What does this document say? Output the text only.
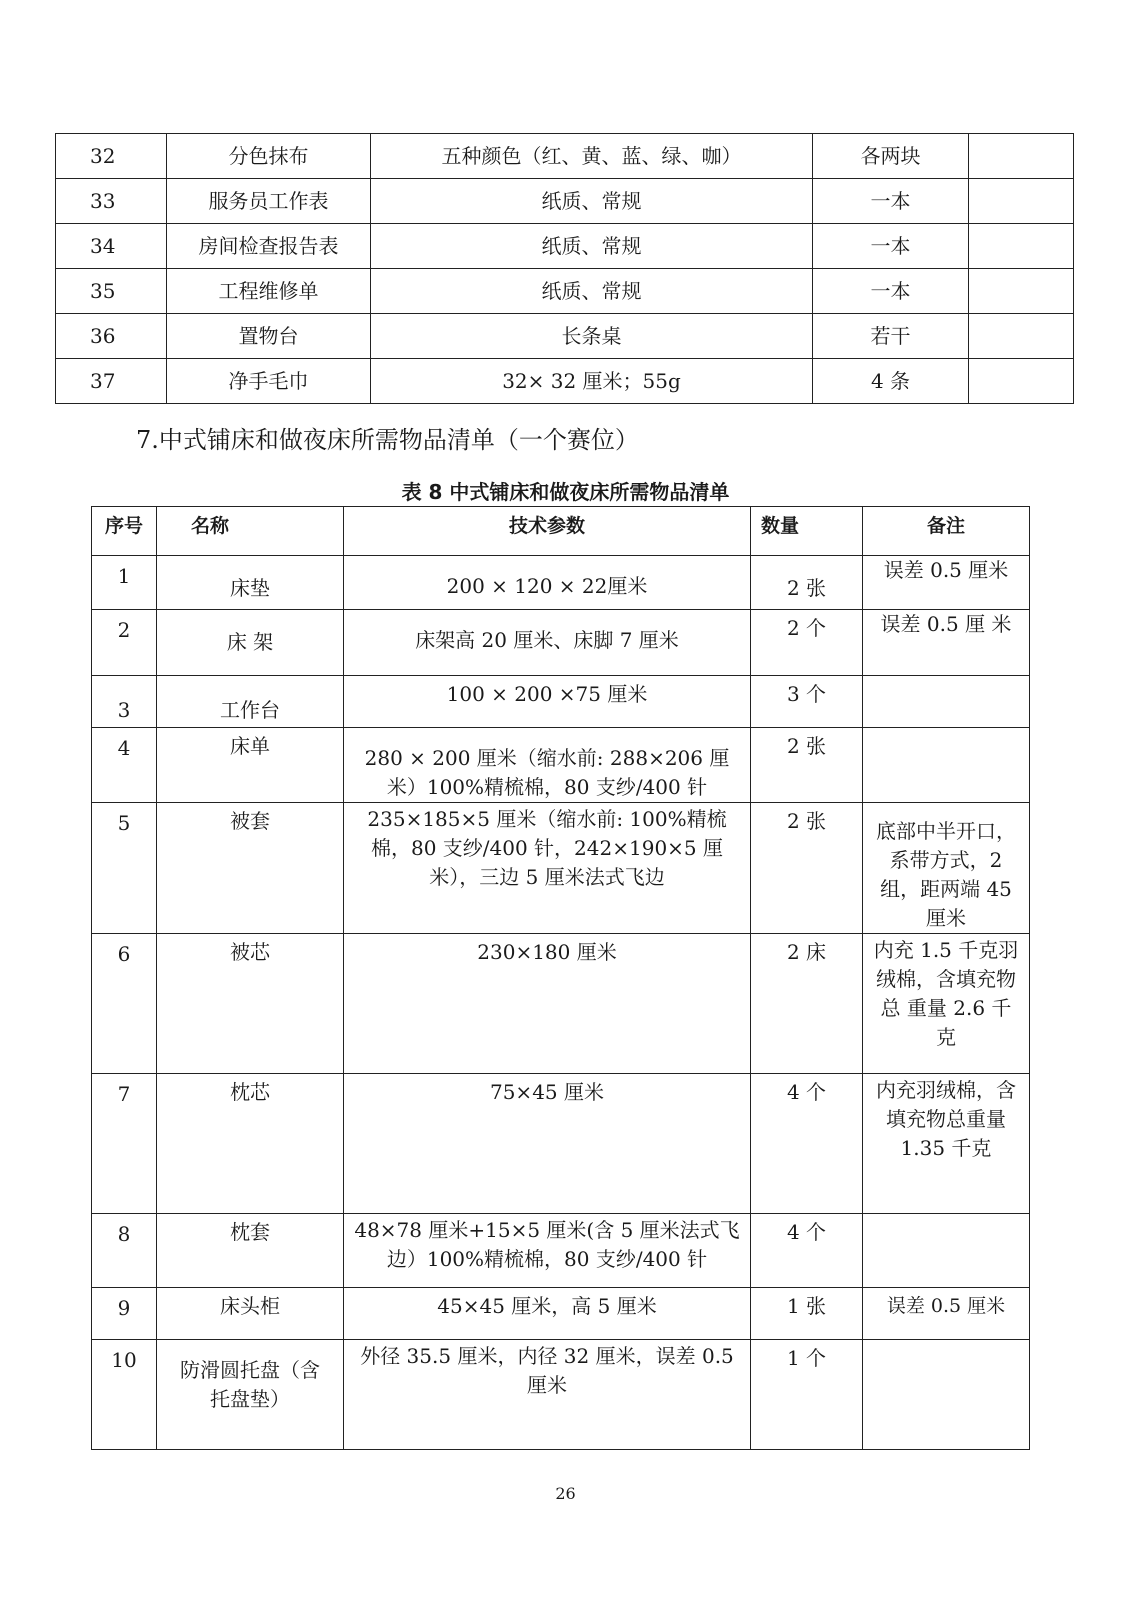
32	分色抹布	五种颜色（红、黄、蓝、绿、咖）	各两块	
33	服务员工作表	纸质、常规	一本	
34	房间检查报告表	纸质、常规	一本	
35	工程维修单	纸质、常规	一本	
36	置物台	长条桌	若干	
37	净手毛巾	32× 32 厘米；55g	4 条	
7.中式铺床和做夜床所需物品清单（一个赛位）
表 8 中式铺床和做夜床所需物品清单
序号	名称	技术参数	数量	备注
1	床垫	200 × 120 × 22厘米	2 张	误差 0.5 厘米
2	床 架	床架高 20 厘米、床脚 7 厘米	2 个	误差 0.5 厘 米
3	工作台	100 × 200 ×75 厘米	3 个	
4	床单	280 × 200 厘米（缩水前: 288×206 厘米）100%精梳棉，80 支纱/400 针	2 张	
5	被套	235×185×5 厘米（缩水前: 100%精梳棉，80 支纱/400 针，242×190×5 厘米），三边 5 厘米法式飞边	2 张	底部中半开口，系带方式，2 组，距两端 45 厘米
6	被芯	230×180 厘米	2 床	内充 1.5 千克羽绒棉，含填充物总 重量 2.6 千克
7	枕芯	75×45 厘米	4 个	内充羽绒棉，含填充物总重量 1.35 千克
8	枕套	48×78 厘米+15×5 厘米(含 5 厘米法式飞边）100%精梳棉，80 支纱/400 针	4 个	
9	床头柜	45×45 厘米，高 5 厘米	1 张	误差 0.5 厘米
10	防滑圆托盘（含托盘垫）	外径 35.5 厘米，内径 32 厘米，误差 0.5 厘米	1 个	
26
